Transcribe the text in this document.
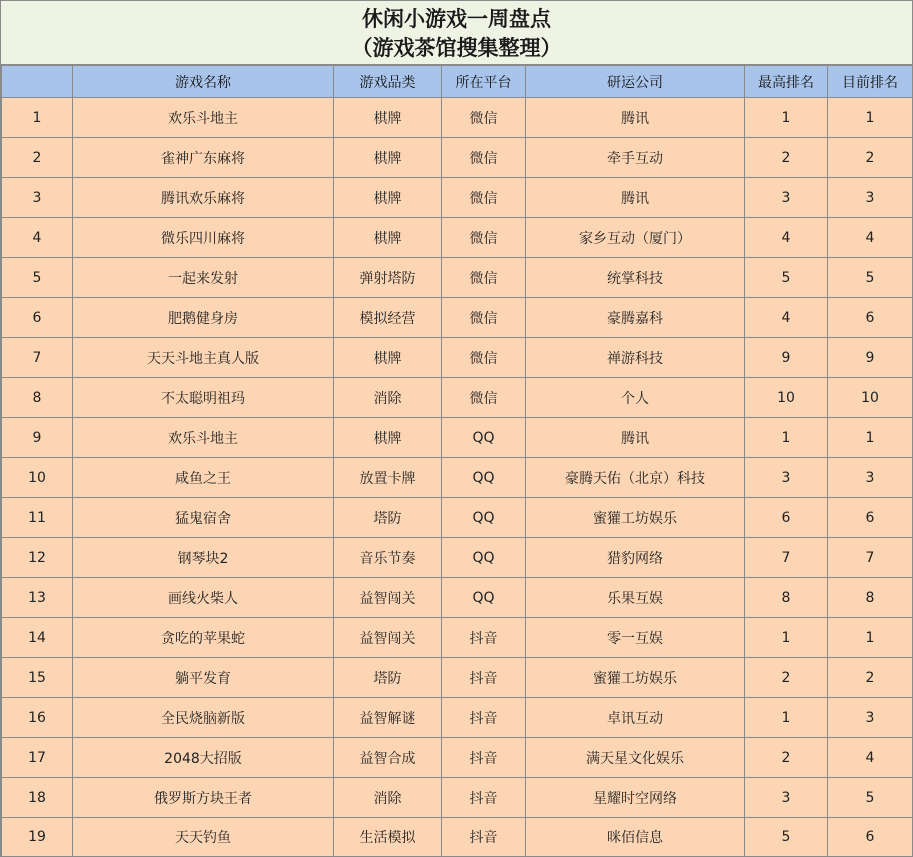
休闲小游戏一周盘点
（游戏茶馆搜集整理）
	游戏名称	游戏品类	所在平台	研运公司	最高排名	目前排名
1	欢乐斗地主	棋牌	微信	腾讯	1	1
2	雀神广东麻将	棋牌	微信	牵手互动	2	2
3	腾讯欢乐麻将	棋牌	微信	腾讯	3	3
4	微乐四川麻将	棋牌	微信	家乡互动（厦门）	4	4
5	一起来发射	弹射塔防	微信	统掌科技	5	5
6	肥鹅健身房	模拟经营	微信	豪腾嘉科	4	6
7	天天斗地主真人版	棋牌	微信	禅游科技	9	9
8	不太聪明祖玛	消除	微信	个人	10	10
9	欢乐斗地主	棋牌	QQ	腾讯	1	1
10	咸鱼之王	放置卡牌	QQ	豪腾天佑（北京）科技	3	3
11	猛鬼宿舍	塔防	QQ	蜜獾工坊娱乐	6	6
12	钢琴块2	音乐节奏	QQ	猎豹网络	7	7
13	画线火柴人	益智闯关	QQ	乐果互娱	8	8
14	贪吃的苹果蛇	益智闯关	抖音	零一互娱	1	1
15	躺平发育	塔防	抖音	蜜獾工坊娱乐	2	2
16	全民烧脑新版	益智解谜	抖音	卓讯互动	1	3
17	2048大招版	益智合成	抖音	满天星文化娱乐	2	4
18	俄罗斯方块王者	消除	抖音	星耀时空网络	3	5
19	天天钓鱼	生活模拟	抖音	咪佰信息	5	6
